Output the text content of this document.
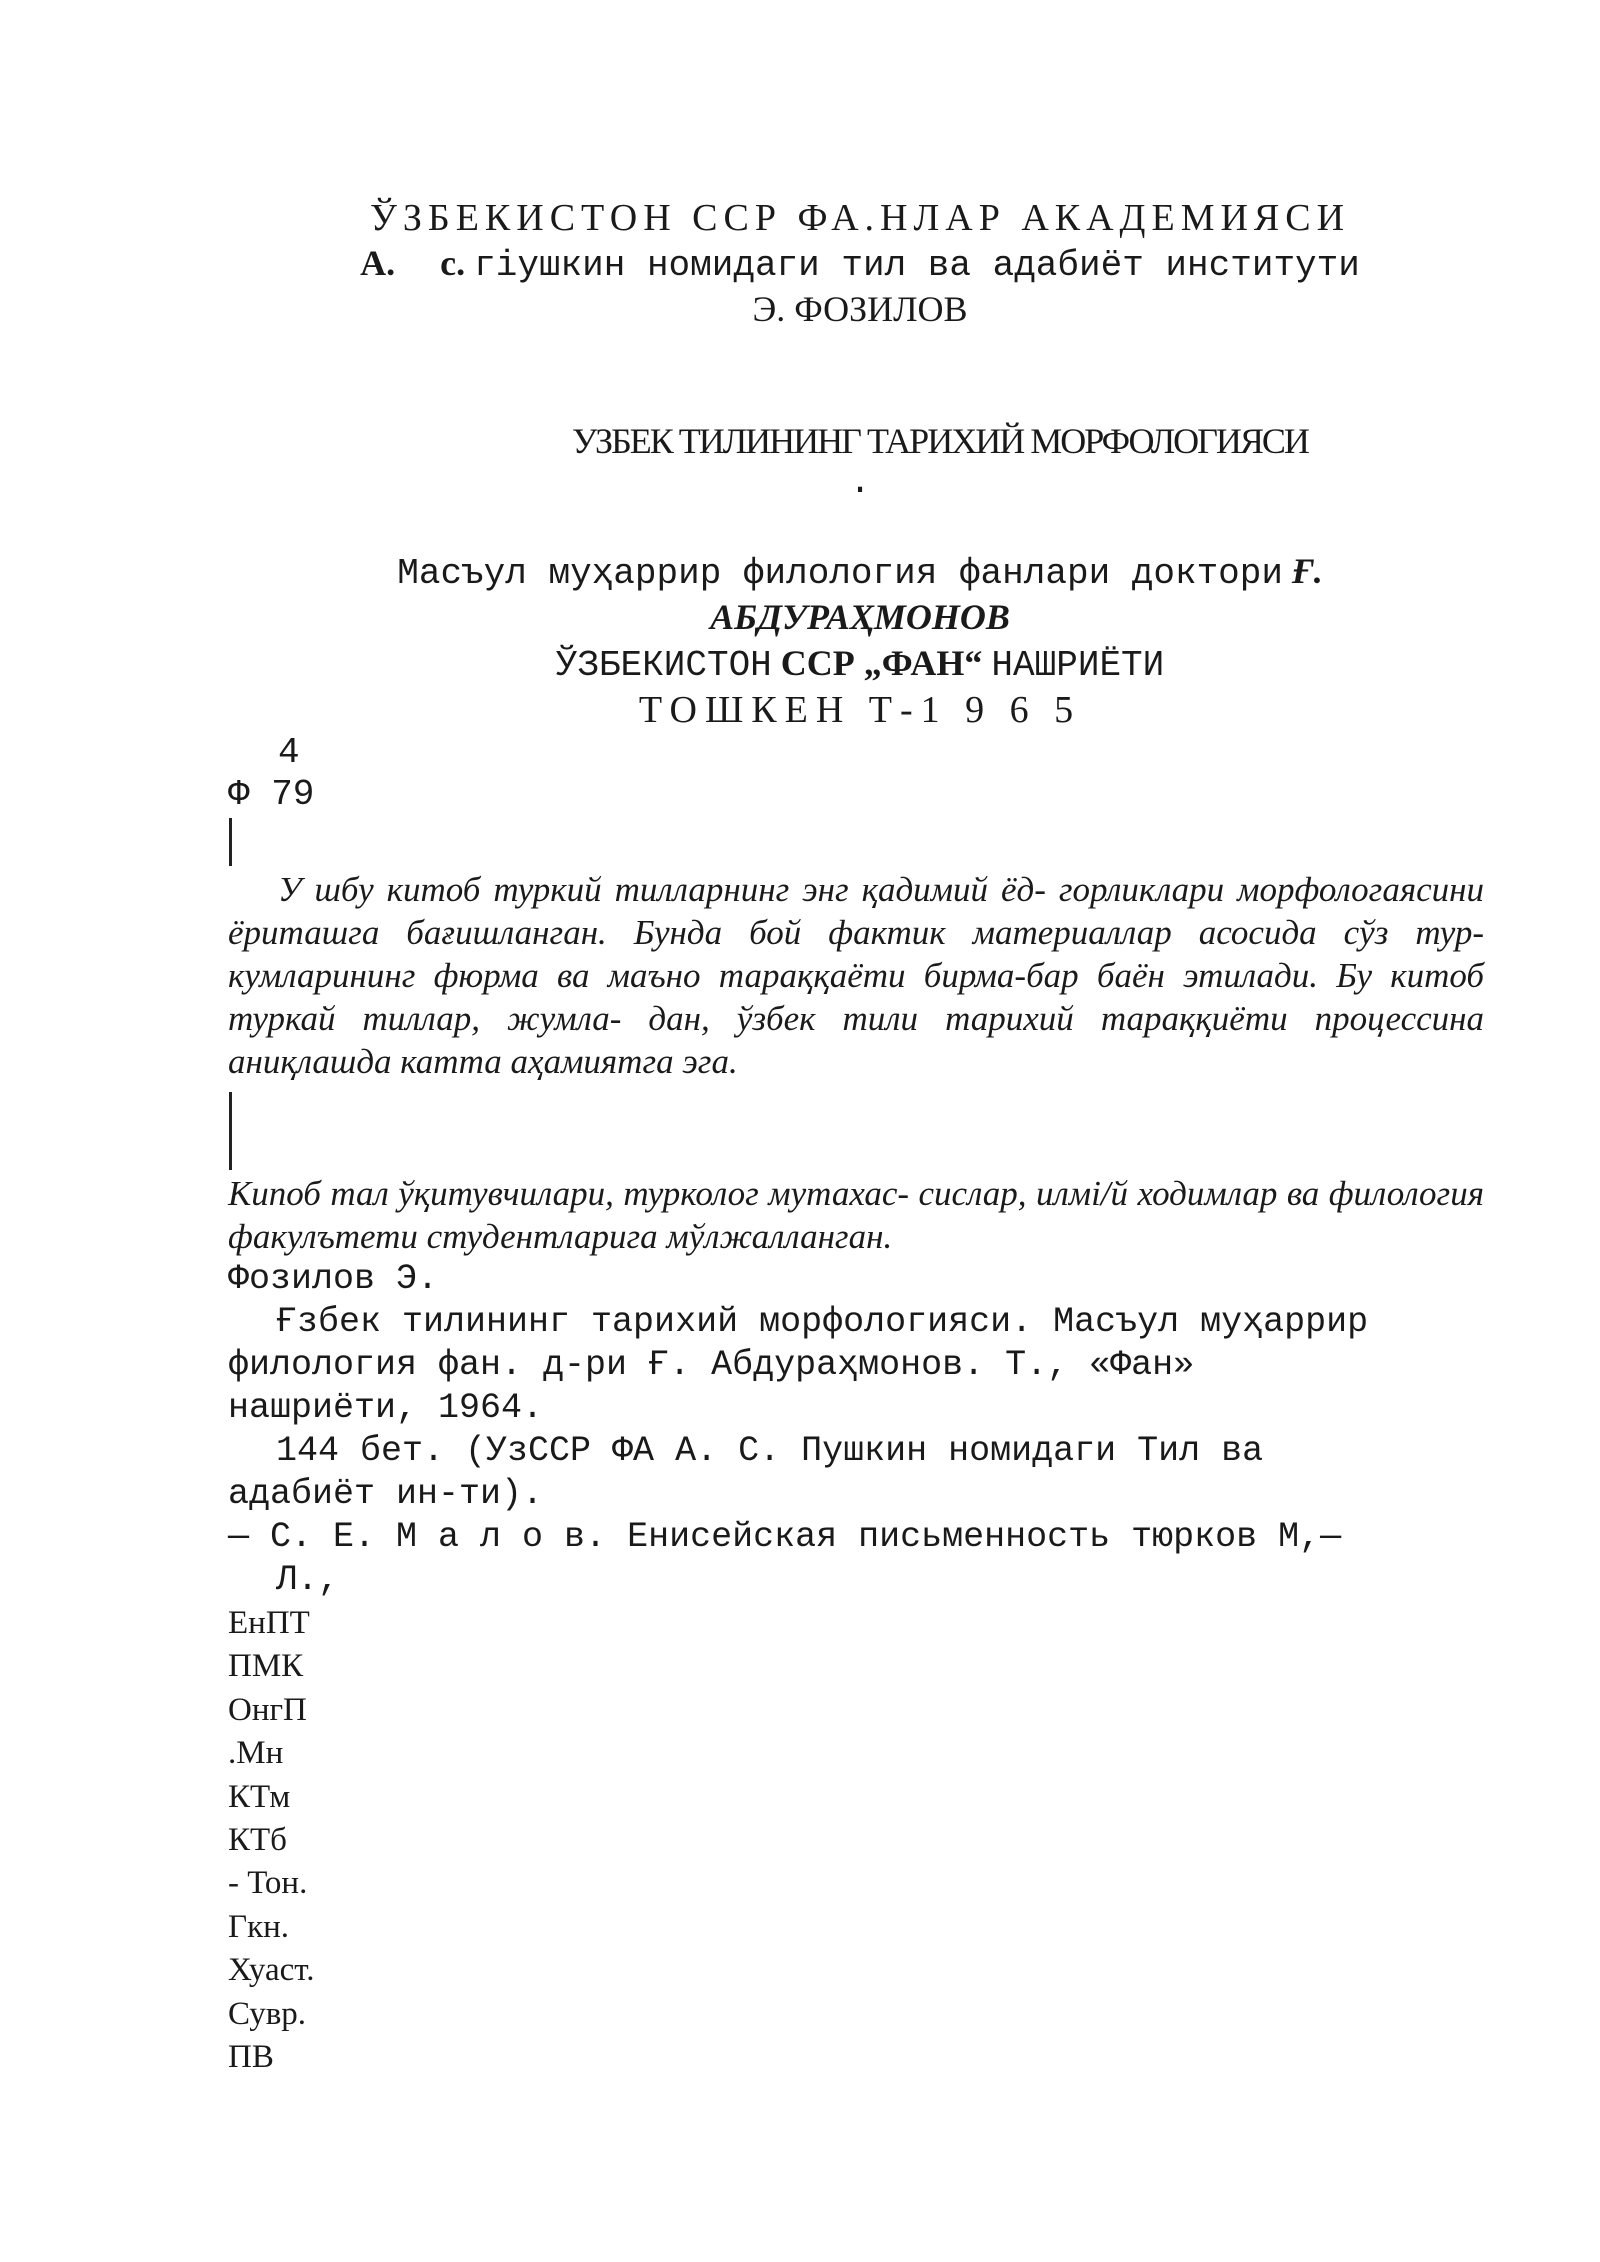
ЎЗБЕКИСТОН ССР ФА.НЛАР АКАДЕМИЯСИ
А. с. гіушкин номидаги тил ва адабиёт институти
Э. ФОЗИЛОВ
УЗБЕК ТИЛИНИНГ ТАРИХИЙ МОРФОЛОГИЯСИ
.
Масъул муҳаррир филология фанлари доктори Ғ.
АБДУРАҲМОНОВ
ЎЗБЕКИСТОН ССР „ФАН“ НАШРИЁТИ
ТОШКЕН Т-1 9 6 5
4
Ф 79
У шбу китоб туркий тилларнинг энг қадимий ёд- горликлари морфологаясини ёриташга бағишланган. Бунда бой фактик материаллар асосида сўз тур- кумларининг фюрма ва маъно тараққаёти бирма-бар баён этилади. Бу китоб туркай тиллар, жумла- дан, ўзбек тили тарихий тараққиёти процессина аниқлашда катта аҳамиятга эга.
Кипоб тал ўқитувчилари, турколог мутахас- сислар, илмі/й ходимлар ва филология факулътети студентларига мўлжалланган.
Фозилов Э.
Ғзбек тилининг тарихий морфологияси. Масъул муҳаррир
филология фан. д-ри Ғ. Абдураҳмонов. Т., «Фан»
нашриёти, 1964.
144 бет. (УзССР ФА А. С. Пушкин номидаги Тил ва
адабиёт ин-ти).
— С. Е. М а л о в. Енисейская письменность тюрков М,—
Л.,
ЕнПТ
ПМК
ОнгП
.Мн
КТм
КТб
- Тон.
Гкн.
Хуаст.
Сувр.
ПВ
